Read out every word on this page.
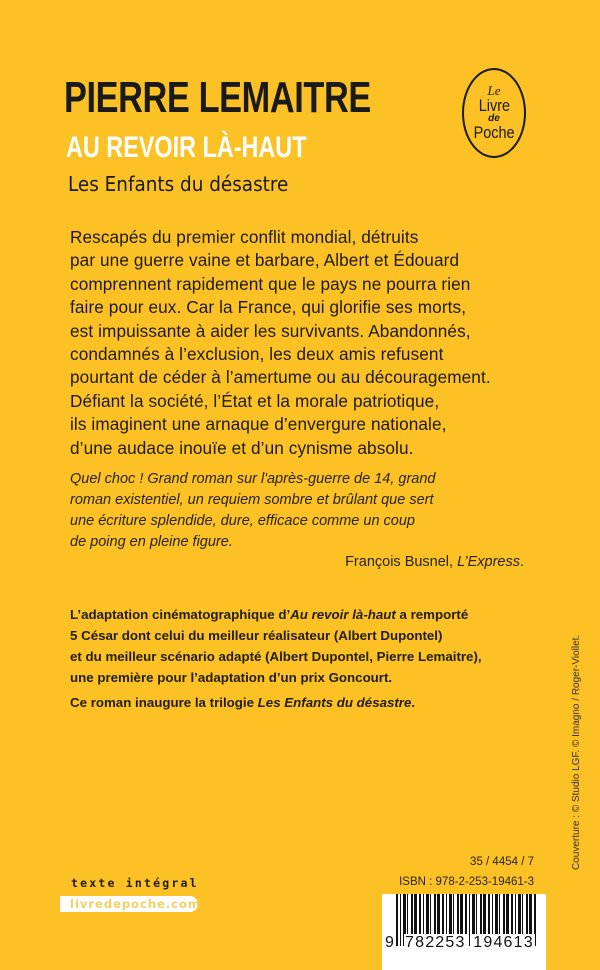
PIERRE LEMAITRE
AU REVOIR LÀ-HAUT
Les Enfants du désastre
Le
Livre
de
Poche
Rescapés du premier conflit mondial, détruits
par une guerre vaine et barbare, Albert et Édouard
comprennent rapidement que le pays ne pourra rien
faire pour eux. Car la France, qui glorifie ses morts,
est impuissante à aider les survivants. Abandonnés,
condamnés à l’exclusion, les deux amis refusent
pourtant de céder à l’amertume ou au découragement.
Défiant la société, l’État et la morale patriotique,
ils imaginent une arnaque d’envergure nationale,
d’une audace inouïe et d’un cynisme absolu.
Quel choc ! Grand roman sur l'après-guerre de 14, grand
roman existentiel, un requiem sombre et brûlant que sert
une écriture splendide, dure, efficace comme un coup
de poing en pleine figure.
François Busnel, L’Express.
L’adaptation cinématographique d’Au revoir là-haut a remporté
5 César dont celui du meilleur réalisateur (Albert Dupontel)
et du meilleur scénario adapté (Albert Dupontel, Pierre Lemaitre),
une première pour l’adaptation d’un prix Goncourt.
Ce roman inaugure la trilogie Les Enfants du désastre.	Couverture : © Studio LGF. © Imagno / Roger-Viollet.
texte intégral
livredepoche.com
35 / 4454 / 7
ISBN : 978-2-253-19461-3
9 782253 194613
